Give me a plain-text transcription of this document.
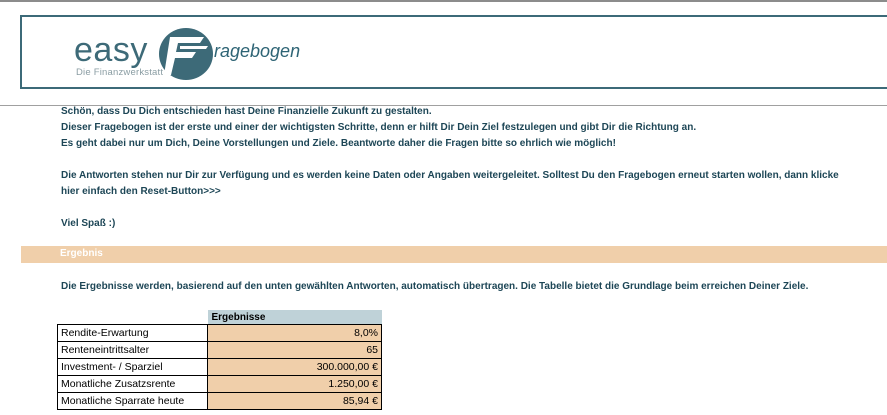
easy
Die Finanzwerkstatt
ragebogen

Schön, dass Du Dich entschieden hast Deine Finanzielle Zukunft zu gestalten.

Dieser Fragebogen ist der erste und einer der wichtigsten Schritte, denn er hilft Dir Dein Ziel festzulegen und gibt Dir die Richtung an.

Es geht dabei nur um Dich, Deine Vorstellungen und Ziele. Beantworte daher die Fragen bitte so ehrlich wie möglich!

Die Antworten stehen nur Dir zur Verfügung und es werden keine Daten oder Angaben weitergeleitet. Solltest Du den Fragebogen erneut starten wollen, dann klicke

hier einfach den Reset-Button>>>

Viel Spaß :)

Ergebnis
Die Ergebnisse werden, basierend auf den unten gewählten Antworten, automatisch übertragen. Die Tabelle bietet die Grundlage beim erreichen Deiner Ziele.
	Ergebnisse
Rendite-Erwartung	8,0%
Renteneintrittsalter	65
Investment- / Sparziel	300.000,00 €
Monatliche Zusatzsrente	1.250,00 €
Monatliche Sparrate heute	85,94 €
